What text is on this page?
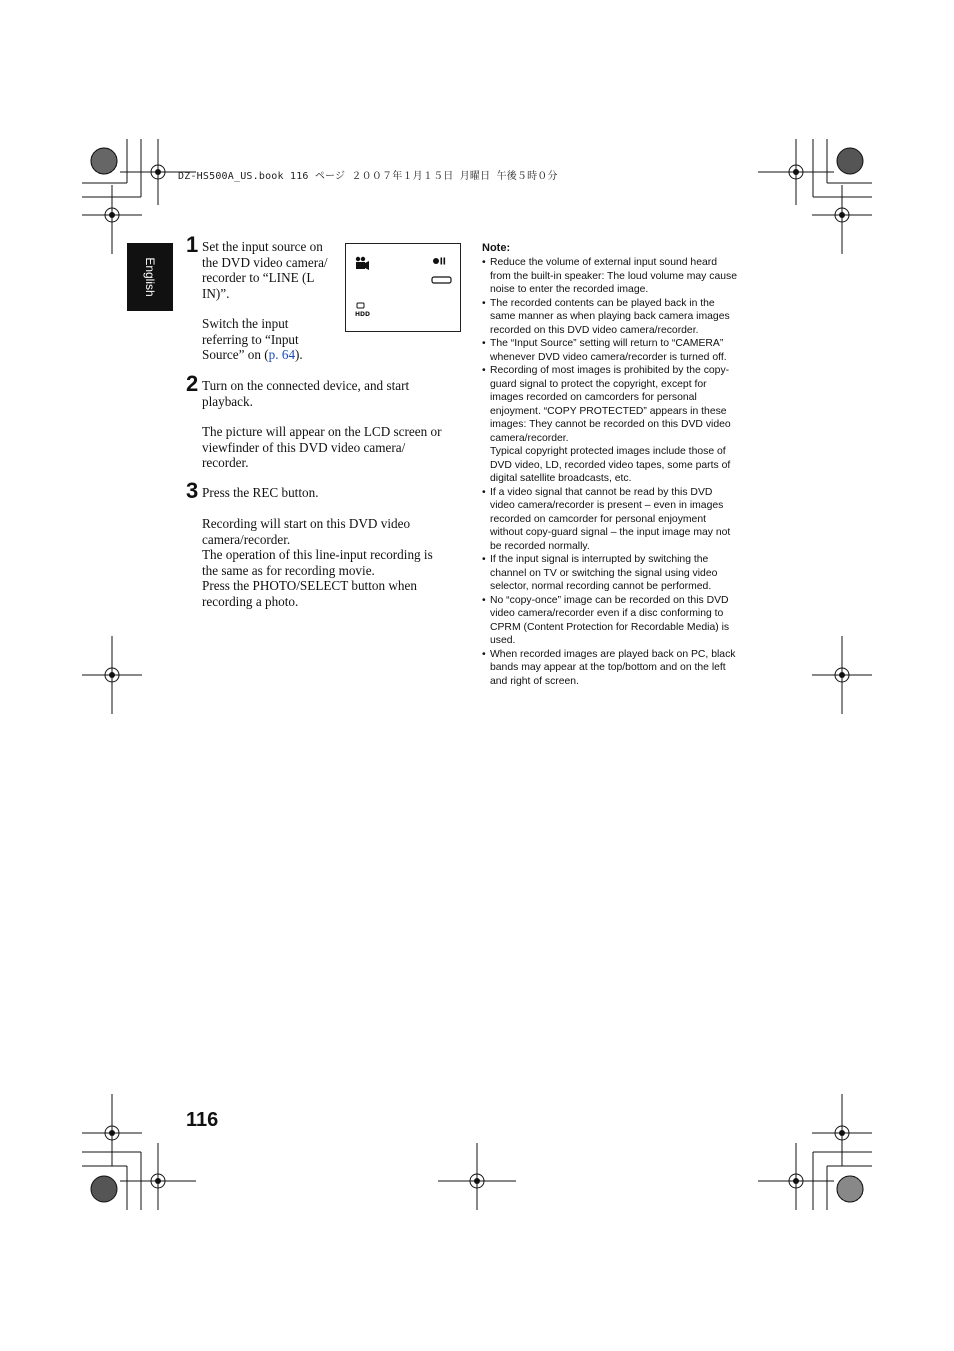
DZ-HS500A_US.book 116 ページ ２００７年１月１５日 月曜日 午後５時０分
English
1 Set the input source on
the DVD video camera/
recorder to “LINE (L
IN)”.
Switch the input
referring to “Input
Source” on (p. 64).
HDD
2 Turn on the connected device, and start
playback.
The picture will appear on the LCD screen or
viewfinder of this DVD video camera/
recorder.
3 Press the REC button.
Recording will start on this DVD video
camera/recorder.
The operation of this line-input recording is
the same as for recording movie.
Press the PHOTO/SELECT button when
recording a photo.
Note:
• Reduce the volume of external input sound heard
from the built-in speaker: The loud volume may cause
noise to enter the recorded image.
• The recorded contents can be played back in the
same manner as when playing back camera images
recorded on this DVD video camera/recorder.
• The “Input Source” setting will return to “CAMERA”
whenever DVD video camera/recorder is turned off.
• Recording of most images is prohibited by the copy-
guard signal to protect the copyright, except for
images recorded on camcorders for personal
enjoyment. “COPY PROTECTED” appears in these
images: They cannot be recorded on this DVD video
camera/recorder.
Typical copyright protected images include those of
DVD video, LD, recorded video tapes, some parts of
digital satellite broadcasts, etc.
• If a video signal that cannot be read by this DVD
video camera/recorder is present – even in images
recorded on camcorder for personal enjoyment
without copy-guard signal – the input image may not
be recorded normally.
• If the input signal is interrupted by switching the
channel on TV or switching the signal using video
selector, normal recording cannot be performed.
• No “copy-once” image can be recorded on this DVD
video camera/recorder even if a disc conforming to
CPRM (Content Protection for Recordable Media) is
used.
• When recorded images are played back on PC, black
bands may appear at the top/bottom and on the left
and right of screen.
116
